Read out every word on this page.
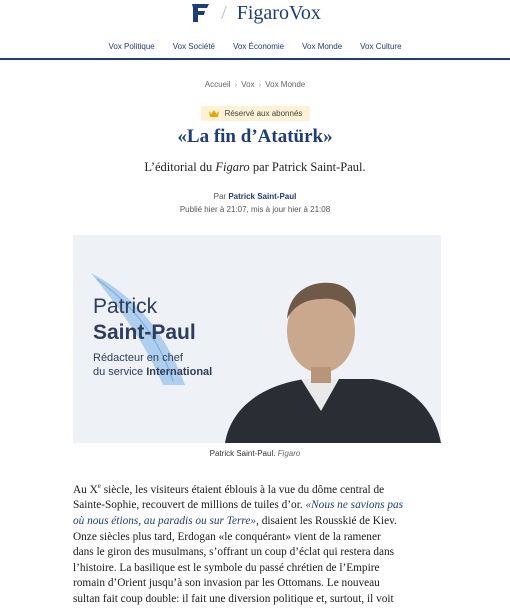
/ FigaroVox
Vox Politique	Vox Société	Vox Économie	Vox Monde	Vox Culture
Accueil › Vox › Vox Monde
Réservé aux abonnés
«La fin d’Atatürk»
L’éditorial du Figaro par Patrick Saint-Paul.
Par Patrick Saint-Paul
Publié hier à 21:07, mis à jour hier à 21:08
Patrick
Saint-Paul
Rédacteur en chef
du service International
Patrick Saint-Paul. Figaro

Au Xe siècle, les visiteurs étaient éblouis à la vue du dôme central de

Sainte-Sophie, recouvert de millions de tuiles d’or. «Nous ne savions pas

où nous étions, au paradis ou sur Terre», disaient les Rousskié de Kiev.

Onze siècles plus tard, Erdogan «le conquérant» vient de la ramener

dans le giron des musulmans, s’offrant un coup d’éclat qui restera dans

l’histoire. La basilique est le symbole du passé chrétien de l’Empire

romain d’Orient jusqu’à son invasion par les Ottomans. Le nouveau

sultan fait coup double: il fait une diversion politique et, surtout, il voit
